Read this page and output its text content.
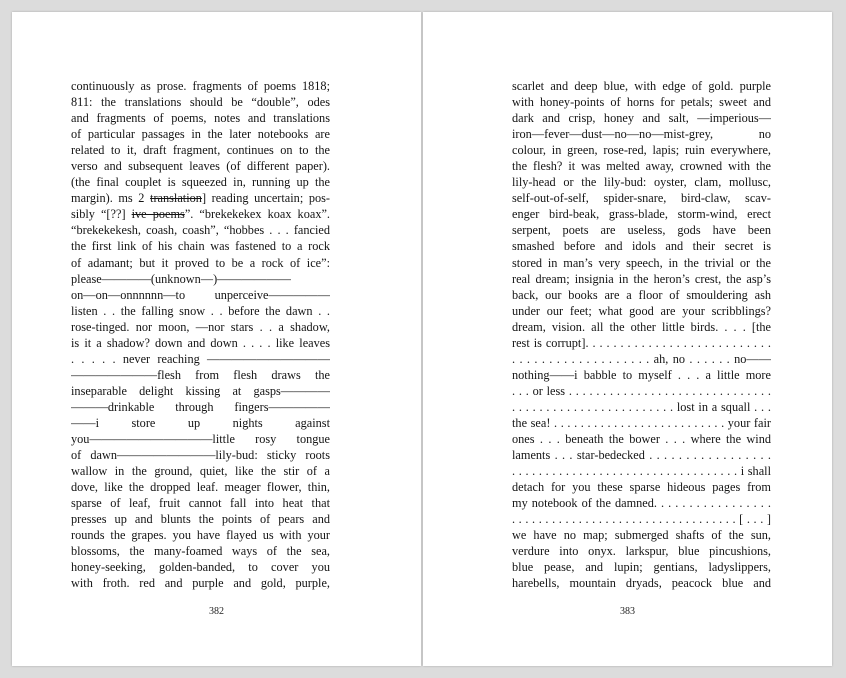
continuously as prose. fragments of poems 1818;
811: the translations should be “double”, odes
and fragments of poems, notes and translations
of particular passages in the later notebooks are
related to it, draft fragment, continues on to the
verso and subsequent leaves (of different paper).
(the final couplet is squeezed in, running up the
margin). ms 2 translation] reading uncertain; pos-
sibly “[??] ive poems”. “brekekekex koax koax”.
“brekekekesh, coash, coash”, “hobbes . . . fancied
the first link of his chain was fastened to a rock
of adamant; but it proved to be a rock of ice”:
please————(unknown—)——————
on—on—onnnnnn—to unperceive—————
listen . . the falling snow . . before the dawn . .
rose-tinged. nor moon, —nor stars . . a shadow,
is it a shadow? down and down . . . . like leaves
. . . . . never reaching ——————————
———————flesh from flesh draws the
inseparable delight kissing at gasps————
———drinkable through fingers—————
——i store up nights against
you——————————little rosy tongue
of dawn————————lily-bud: sticky roots
wallow in the ground, quiet, like the stir of a
dove, like the dropped leaf. meager flower, thin,
sparse of leaf, fruit cannot fall into heat that
presses up and blunts the points of pears and
rounds the grapes. you have flayed us with your
blossoms, the many-foamed ways of the sea,
honey-seeking, golden-banded, to cover you
with froth. red and purple and gold, purple,
382
scarlet and deep blue, with edge of gold. purple
with honey-points of horns for petals; sweet and
dark and crisp, honey and salt, —imperious—
iron—fever—dust—no—no—mist-grey, no
colour, in green, rose-red, lapis; ruin everywhere,
the flesh? it was melted away, crowned with the
lily-head or the lily-bud: oyster, clam, mollusc,
self-out-of-self, spider-snare, bird-claw, scav-
enger bird-beak, grass-blade, storm-wind, erect
serpent, poets are useless, gods have been
smashed before and idols and their secret is
stored in man’s very speech, in the trivial or the
real dream; insignia in the heron’s crest, the asp’s
back, our books are a floor of smouldering ash
under our feet; what good are your scribblings?
dream, vision. all the other little birds. . . . [the
rest is corrupt]. . . . . . . . . . . . . . . . . . . . . . . . . . .
. . . . . . . . . . . . . . . . . . . ah, no . . . . . . no——
nothing——i babble to myself . . . a little more
. . . or less . . . . . . . . . . . . . . . . . . . . . . . . . . . . . .
. . . . . . . . . . . . . . . . . . . . . . . . lost in a squall . . .
the sea! . . . . . . . . . . . . . . . . . . . . . . . . . . your fair
ones . . . beneath the bower . . . where the wind
laments . . . star-bedecked . . . . . . . . . . . . . . . . .
. . . . . . . . . . . . . . . . . . . . . . . . . . . . . . . . . . i shall
detach for you these sparse hideous pages from
my notebook of the damned. . . . . . . . . . . . . . . . .
. . . . . . . . . . . . . . . . . . . . . . . . . . . . . . . . . . [ . . . ]
we have no map; submerged shafts of the sun,
verdure into onyx. larkspur, blue pincushions,
blue pease, and lupin; gentians, ladyslippers,
harebells, mountain dryads, peacock blue and
383
